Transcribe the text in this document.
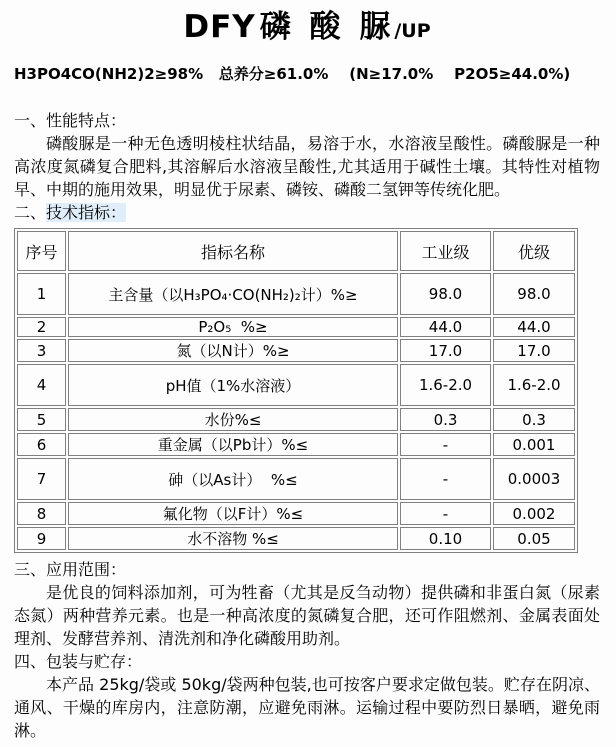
DFY 磷 酸 脲/UP
H3PO4CO(NH2)2≥98%   总养分≥61.0%    (N≥17.0%    P2O5≥44.0%)
一、性能特点：

磷酸脲是一种无色透明棱柱状结晶，易溶于水，水溶液呈酸性。磷酸脲是一种高浓度氮磷复合肥料,其溶解后水溶液呈酸性,尤其适用于碱性土壤。其特性对植物早、中期的施用效果，明显优于尿素、磷铵、磷酸二氢钾等传统化肥。

二、技术指标：
序号	指标名称	工业级	优级
1	主含量（以H₃PO₄·CO(NH₂)₂计）%≥	98.0	98.0
2	P₂O₅  %≥	44.0	44.0
3	氮（以N计）%≥	17.0	17.0
4	pH值（1%水溶液）	1.6-2.0	1.6-2.0
5	水份%≤	0.3	0.3
6	重金属（以Pb计）%≤	-	0.001
7	砷（以As计）  %≤	-	0.0003
8	氟化物（以F计）%≤	-	0.002
9	水不溶物 %≤	0.10	0.05
三、应用范围：

是优良的饲料添加剂，可为牲畜（尤其是反刍动物）提供磷和非蛋白氮（尿素态氮）两种营养元素。也是一种高浓度的氮磷复合肥，还可作阻燃剂、金属表面处理剂、发酵营养剂、清洗剂和净化磷酸用助剂。

四、包装与贮存：

本产品 25kg/袋或 50kg/袋两种包装,也可按客户要求定做包装。贮存在阴凉、通风、干燥的库房内，注意防潮，应避免雨淋。运输过程中要防烈日暴晒，避免雨淋。
